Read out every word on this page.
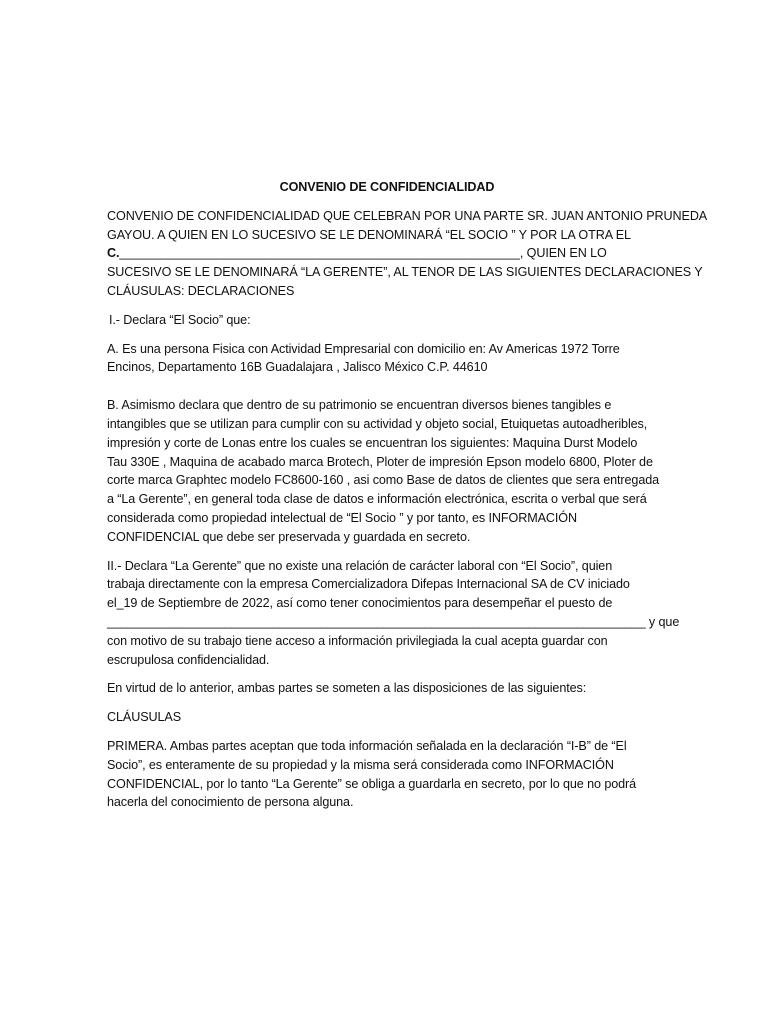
CONVENIO DE CONFIDENCIALIDAD

CONVENIO DE CONFIDENCIALIDAD QUE CELEBRAN POR UNA PARTE SR. JUAN ANTONIO PRUNEDA
GAYOU. A QUIEN EN LO SUCESIVO SE LE DENOMINARÁ “EL SOCIO ” Y POR LA OTRA EL
C.__________________________________________________________, QUIEN EN LO
SUCESIVO SE LE DENOMINARÁ “LA GERENTE”, AL TENOR DE LAS SIGUIENTES DECLARACIONES Y
CLÁUSULAS: DECLARACIONES

I.- Declara “El Socio” que:

A. Es una persona Fisica con Actividad Empresarial con domicilio en: Av Americas 1972 Torre
Encinos, Departamento 16B Guadalajara , Jalisco México C.P. 44610

B. Asimismo declara que dentro de su patrimonio se encuentran diversos bienes tangibles e
intangibles que se utilizan para cumplir con su actividad y objeto social, Etuiquetas autoadheribles,
impresión y corte de Lonas entre los cuales se encuentran los siguientes: Maquina Durst Modelo
Tau 330E , Maquina de acabado marca Brotech, Ploter de impresión Epson modelo 6800, Ploter de
corte marca Graphtec modelo FC8600-160 , asi como Base de datos de clientes que sera entregada
a “La Gerente”, en general toda clase de datos e información electrónica, escrita o verbal que será
considerada como propiedad intelectual de “El Socio ” y por tanto, es INFORMACIÓN
CONFIDENCIAL que debe ser preservada y guardada en secreto.

II.- Declara “La Gerente” que no existe una relación de carácter laboral con “El Socio”, quien
trabaja directamente con la empresa Comercializadora Difepas Internacional SA de CV iniciado
el_19 de Septiembre de 2022, así como tener conocimientos para desempeñar el puesto de
______________________________________________________________________________ y que
con motivo de su trabajo tiene acceso a información privilegiada la cual acepta guardar con
escrupulosa confidencialidad.

En virtud de lo anterior, ambas partes se someten a las disposiciones de las siguientes:

CLÁUSULAS

PRIMERA. Ambas partes aceptan que toda información señalada en la declaración “I-B” de “El
Socio”, es enteramente de su propiedad y la misma será considerada como INFORMACIÓN
CONFIDENCIAL, por lo tanto “La Gerente” se obliga a guardarla en secreto, por lo que no podrá
hacerla del conocimiento de persona alguna.
